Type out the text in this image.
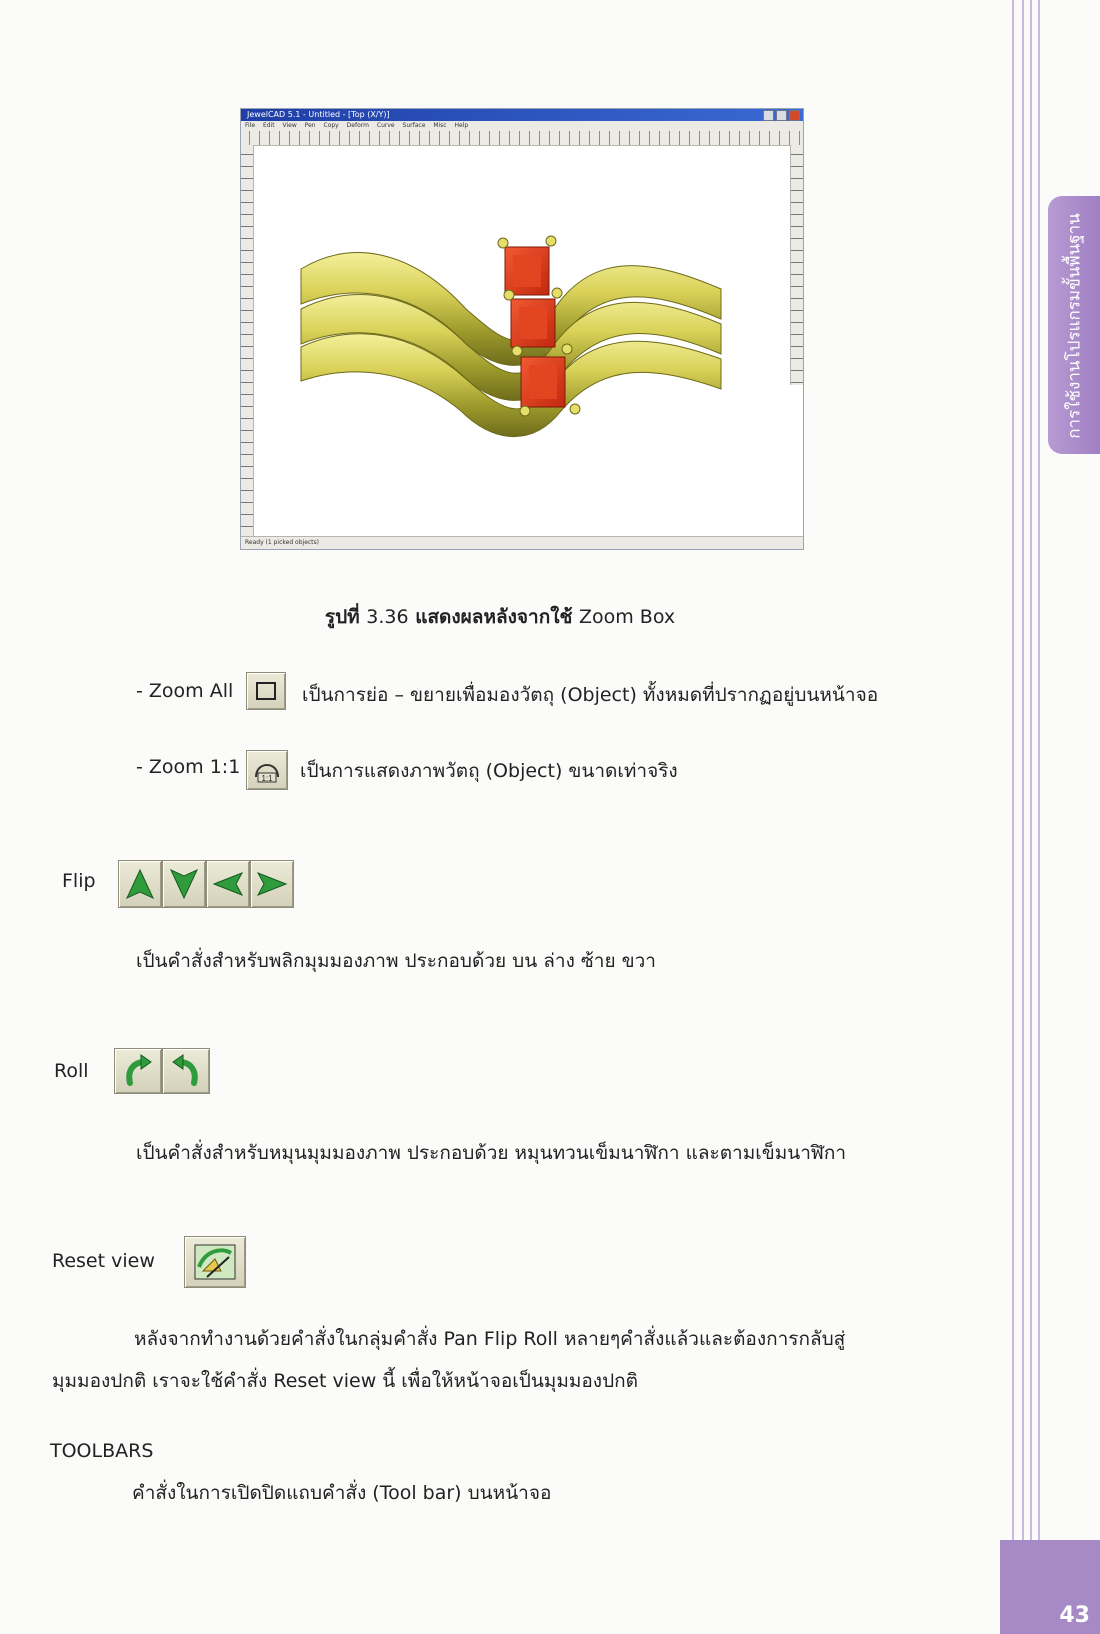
การใช้งานโปรแกรมขั้นพื้นฐาน
43
JewelCAD 5.1 - Untitled - [Top (X/Y)]
File Edit View Pen Copy Deform Curve Surface Misc Help
Ready (1 picked objects)
รูปที่ 3.36 แสดงผลหลังจากใช้ Zoom Box
- Zoom All	เป็นการย่อ – ขยายเพื่อมองวัตถุ (Object) ทั้งหมดที่ปรากฏอยู่บนหน้าจอ
- Zoom 1:1
1:1 เป็นการแสดงภาพวัตถุ (Object) ขนาดเท่าจริง
Flip
เป็นคำสั่งสำหรับพลิกมุมมองภาพ ประกอบด้วย บน ล่าง ซ้าย ขวา
Roll
เป็นคำสั่งสำหรับหมุนมุมมองภาพ ประกอบด้วย หมุนทวนเข็มนาฬิกา และตามเข็มนาฬิกา
Reset view
หลังจากทำงานด้วยคำสั่งในกลุ่มคำสั่ง Pan Flip Roll หลายๆคำสั่งแล้วและต้องการกลับสู่
มุมมองปกติ เราจะใช้คำสั่ง Reset view นี้ เพื่อให้หน้าจอเป็นมุมมองปกติ
TOOLBARS
คำสั่งในการเปิดปิดแถบคำสั่ง (Tool bar) บนหน้าจอ
